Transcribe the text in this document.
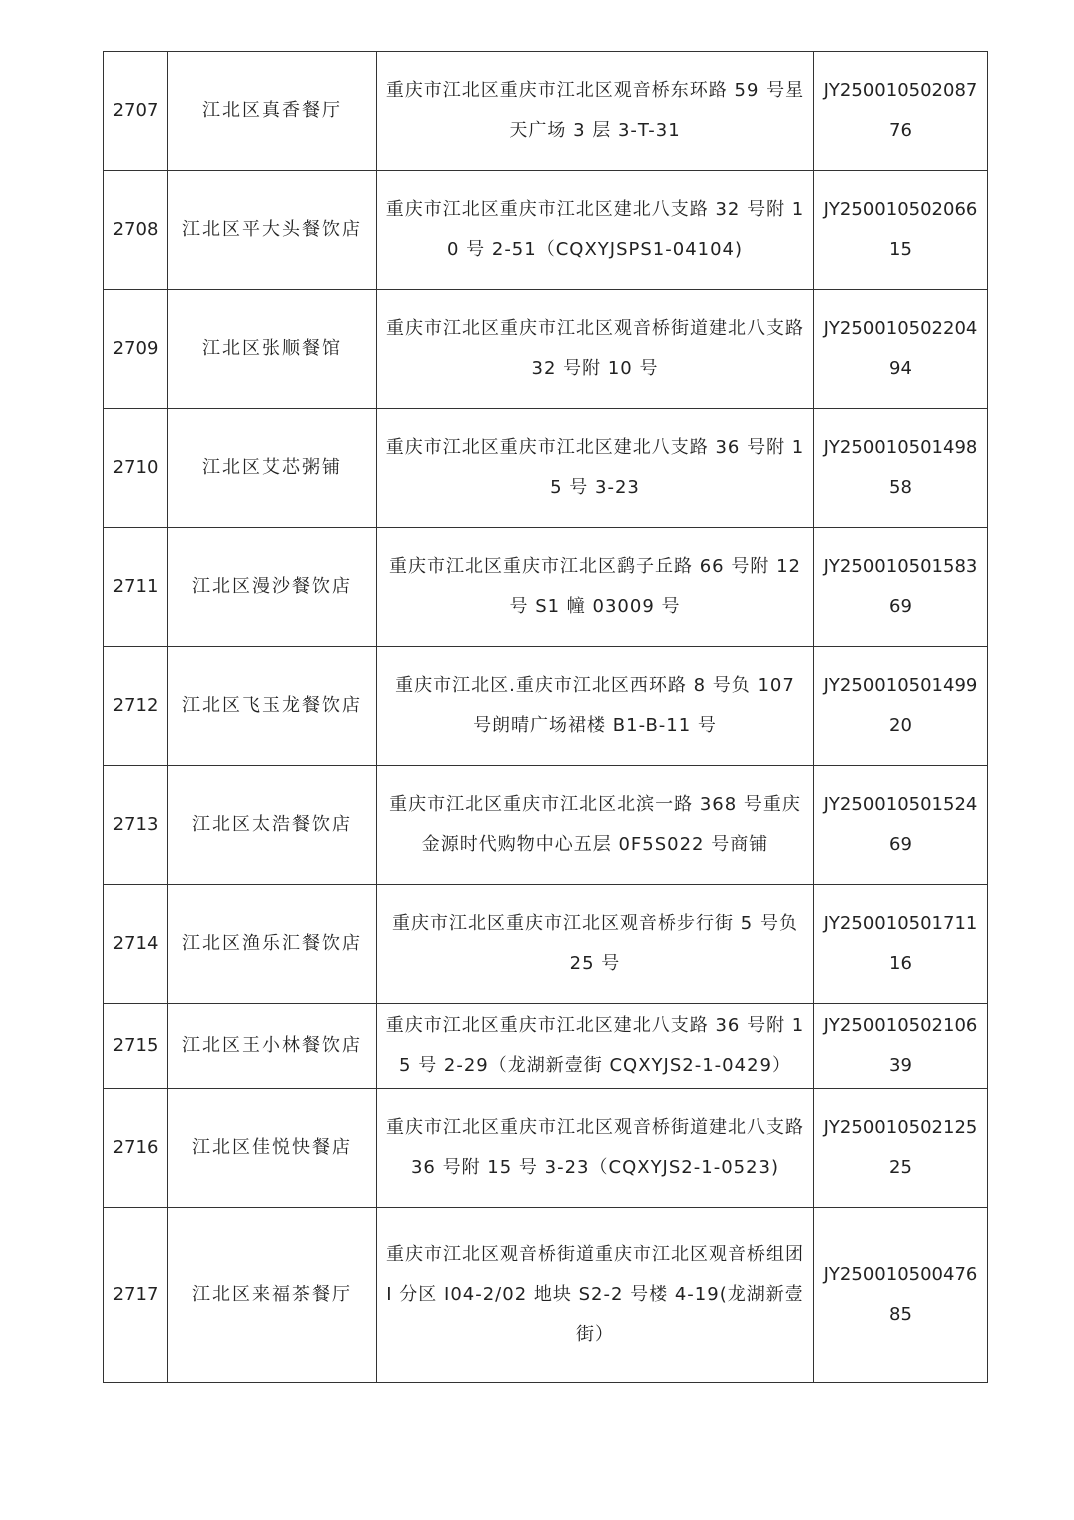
2707	江北区真香餐厅	重庆市江北区重庆市江北区观音桥东环路 59 号星天广场 3 层 3-T-31	JY25001050208776
2708	江北区平大头餐饮店	重庆市江北区重庆市江北区建北八支路 32 号附 10 号 2-51（CQXYJSPS1-04104)	JY25001050206615
2709	江北区张顺餐馆	重庆市江北区重庆市江北区观音桥街道建北八支路 32 号附 10 号	JY25001050220494
2710	江北区艾芯粥铺	重庆市江北区重庆市江北区建北八支路 36 号附 15 号 3-23	JY25001050149858
2711	江北区漫沙餐饮店	重庆市江北区重庆市江北区鹞子丘路 66 号附 12 号 S1 幢 03009 号	JY25001050158369
2712	江北区飞玉龙餐饮店	重庆市江北区.重庆市江北区西环路 8 号负 107 号朗晴广场裙楼 B1-B-11 号	JY25001050149920
2713	江北区太浩餐饮店	重庆市江北区重庆市江北区北滨一路 368 号重庆金源时代购物中心五层 0F5S022 号商铺	JY25001050152469
2714	江北区渔乐汇餐饮店	重庆市江北区重庆市江北区观音桥步行街 5 号负 25 号	JY25001050171116
2715	江北区王小林餐饮店	重庆市江北区重庆市江北区建北八支路 36 号附 15 号 2-29（龙湖新壹街 CQXYJS2-1-0429）	JY25001050210639
2716	江北区佳悦快餐店	重庆市江北区重庆市江北区观音桥街道建北八支路 36 号附 15 号 3-23（CQXYJS2-1-0523)	JY25001050212525
2717	江北区来福茶餐厅	重庆市江北区观音桥街道重庆市江北区观音桥组团 I 分区 I04-2/02 地块 S2-2 号楼 4-19(龙湖新壹街）	JY25001050047685
